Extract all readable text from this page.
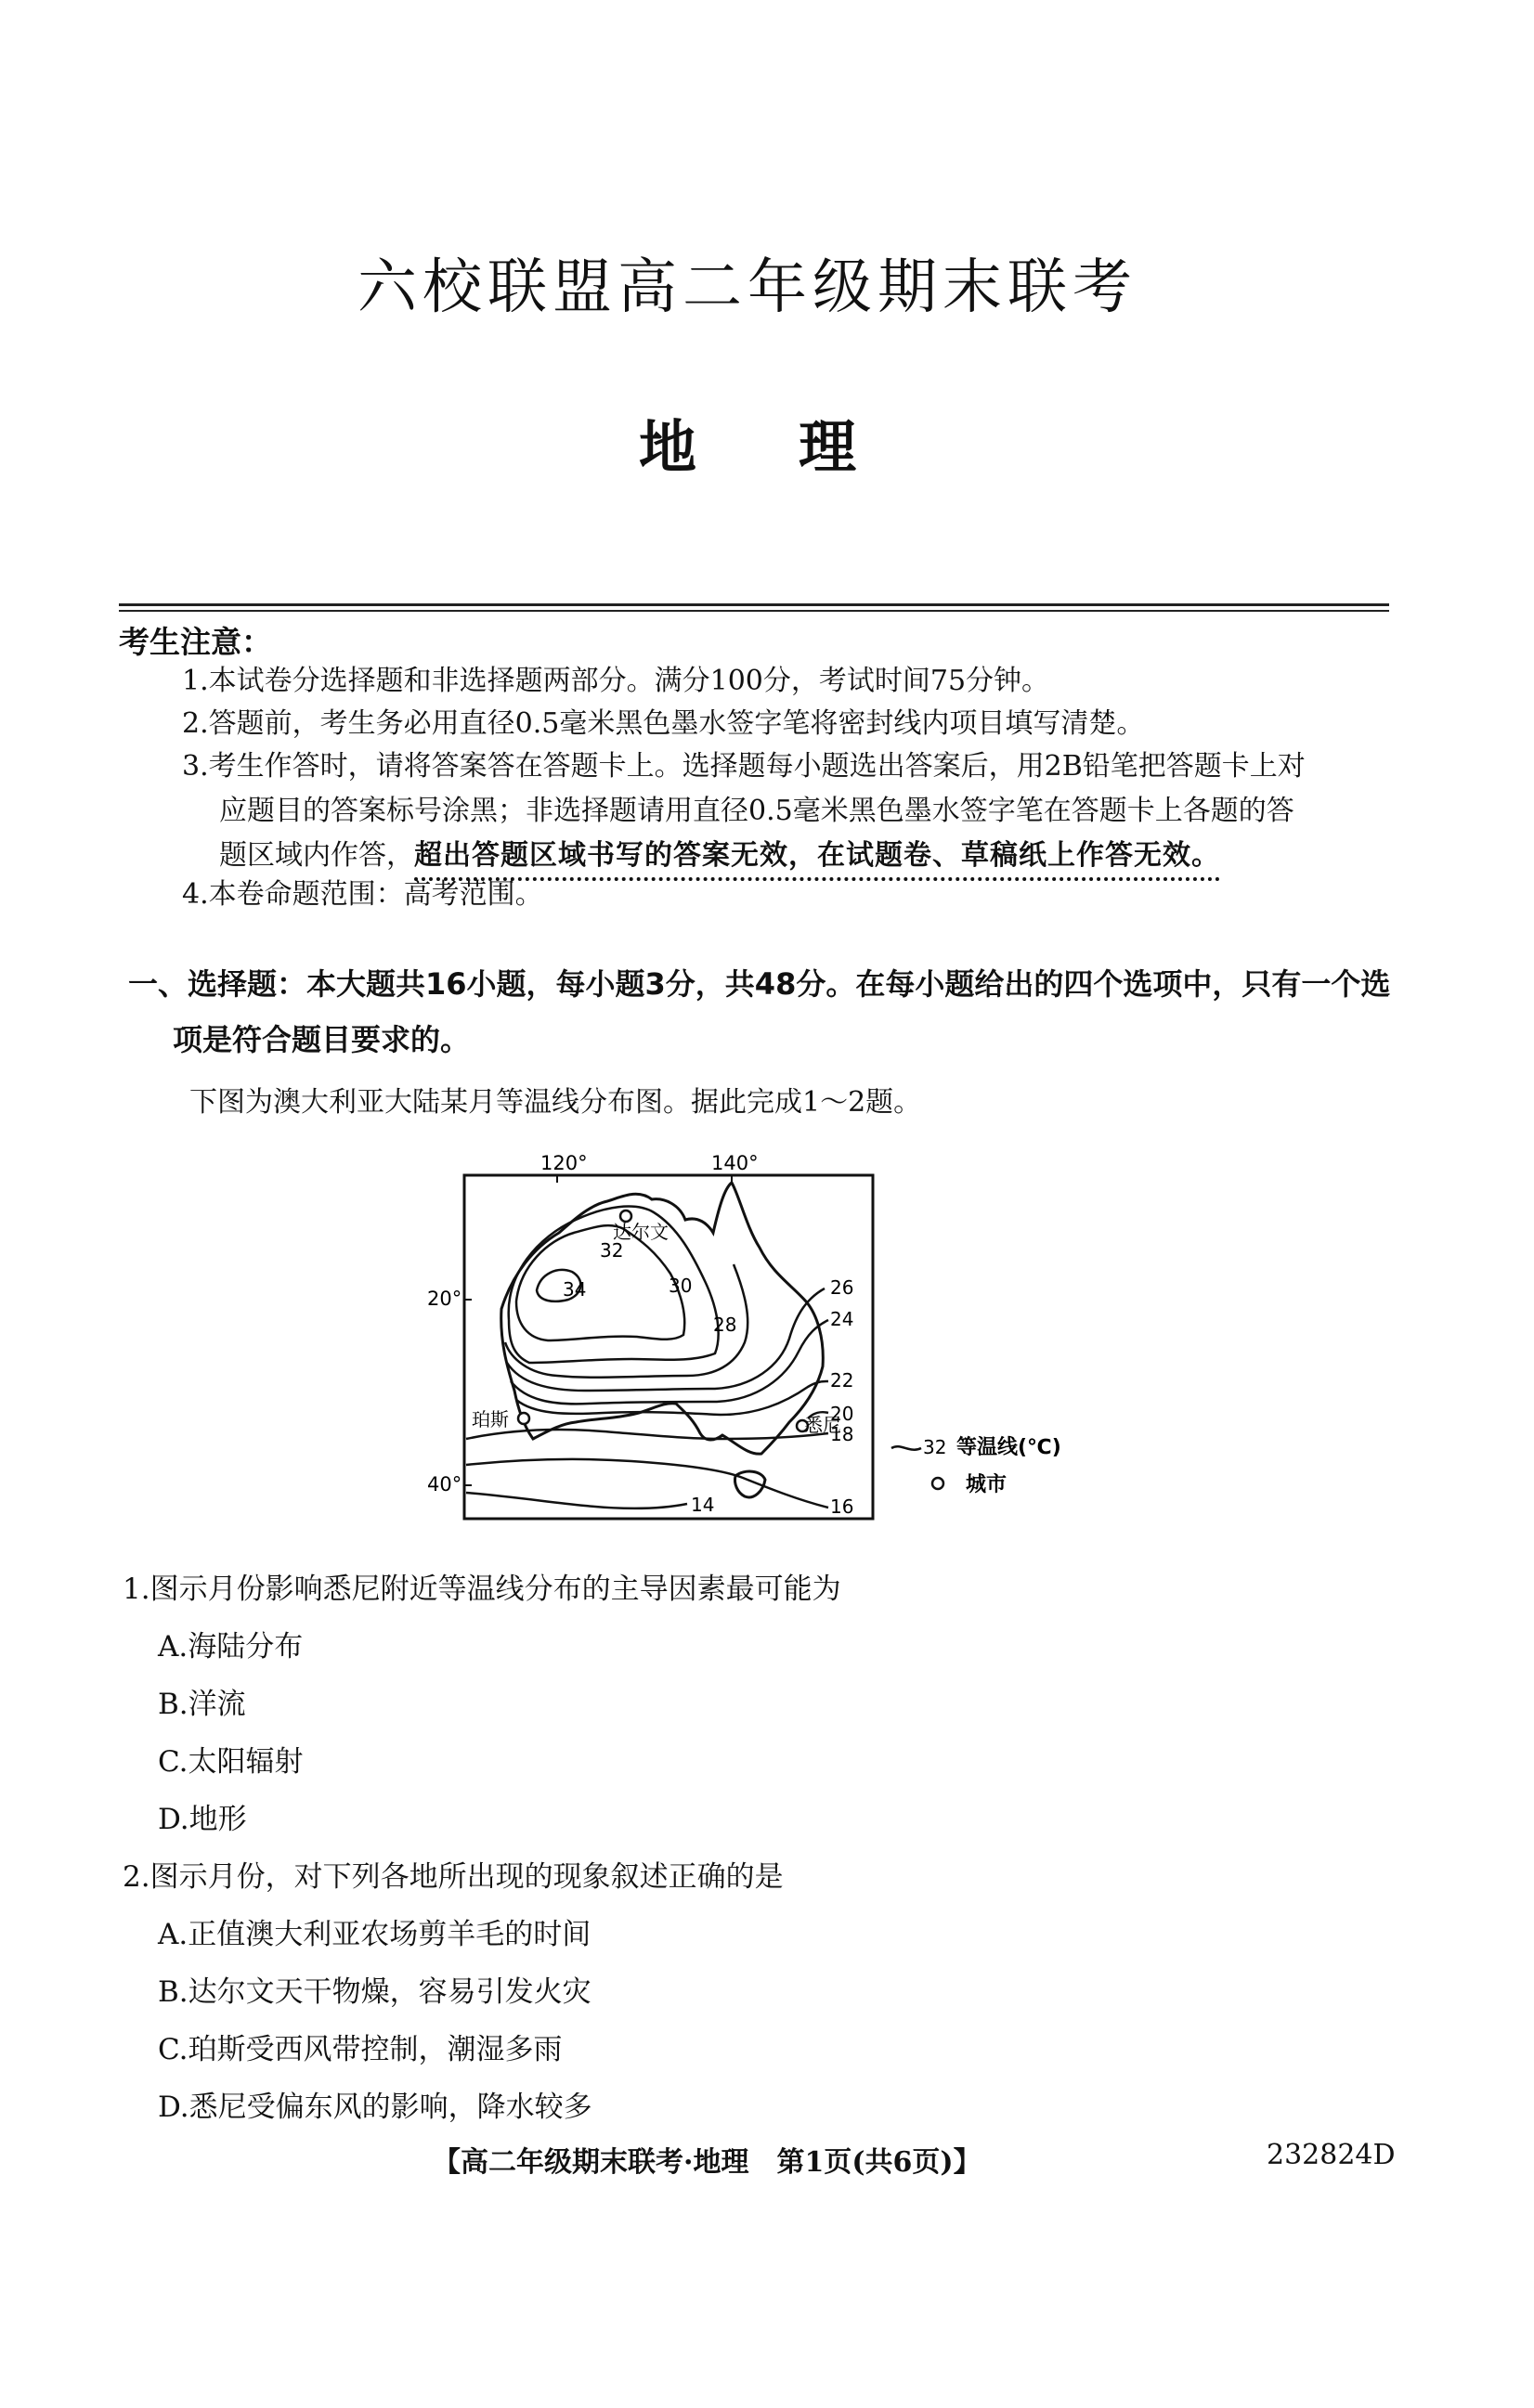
六校联盟高二年级期末联考
地 理
考生注意：
1.本试卷分选择题和非选择题两部分。满分100分，考试时间75分钟。
2.答题前，考生务必用直径0.5毫米黑色墨水签字笔将密封线内项目填写清楚。
3.考生作答时，请将答案答在答题卡上。选择题每小题选出答案后，用2B铅笔把答题卡上对
应题目的答案标号涂黑；非选择题请用直径0.5毫米黑色墨水签字笔在答题卡上各题的答
题区域内作答，超出答题区域书写的答案无效，在试题卷、草稿纸上作答无效。
4.本卷命题范围：高考范围。
一、选择题：本大题共16小题，每小题3分，共48分。在每小题给出的四个选项中，只有一个选
项是符合题目要求的。
下图为澳大利亚大陆某月等温线分布图。据此完成1～2题。
120°	140°
20°
40°
32
34	30
28
26
24
22
20
18
16
14
达尔文
珀斯	悉尼
32 等温线(℃)
城市
1.图示月份影响悉尼附近等温线分布的主导因素最可能为
A.海陆分布
B.洋流
C.太阳辐射
D.地形
2.图示月份，对下列各地所出现的现象叙述正确的是
A.正值澳大利亚农场剪羊毛的时间
B.达尔文天干物燥，容易引发火灾
C.珀斯受西风带控制，潮湿多雨
D.悉尼受偏东风的影响，降水较多
【高二年级期末联考·地理　第1页(共6页)】	232824D
